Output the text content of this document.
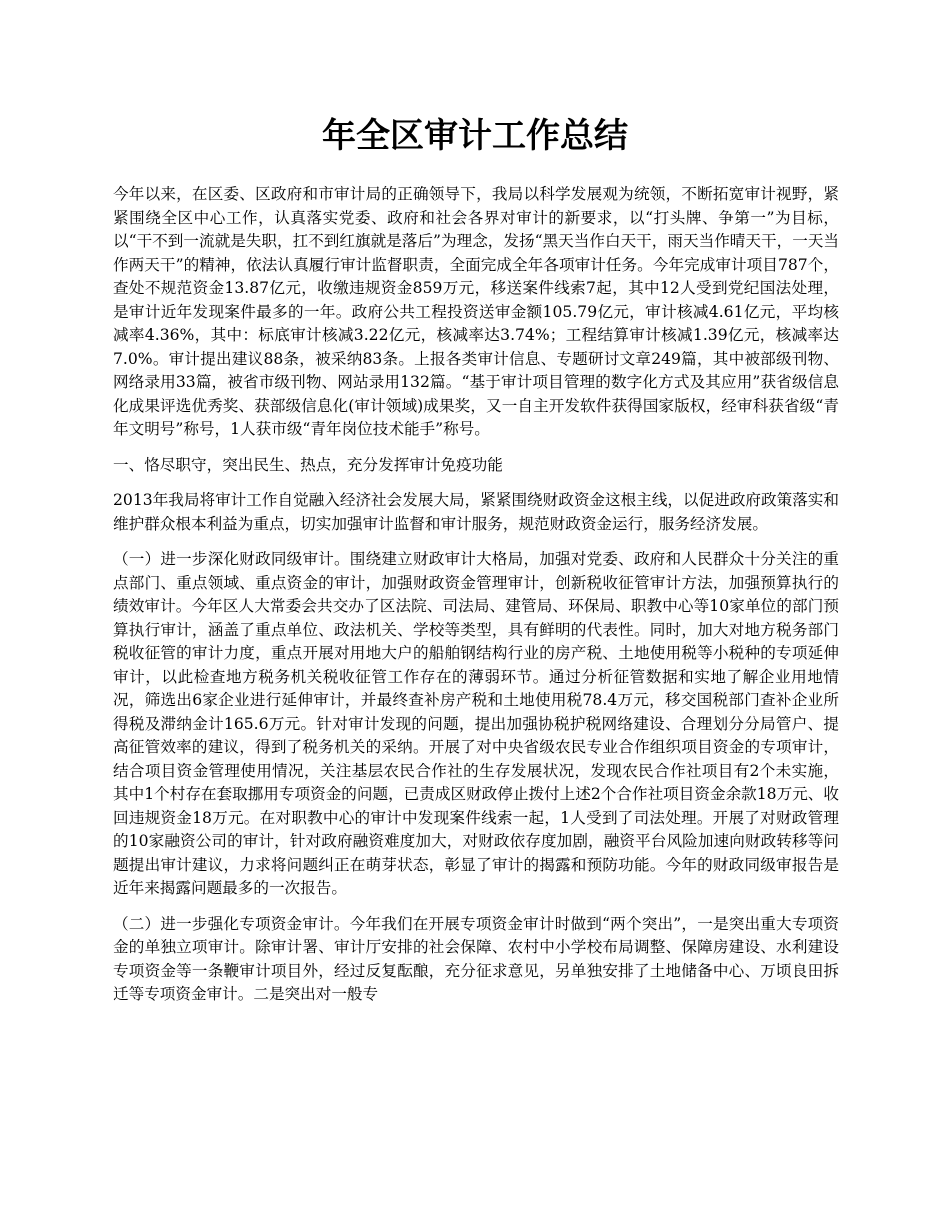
年全区审计工作总结

今年以来，在区委、区政府和市审计局的正确领导下，我局以科学发展观为统领，不断拓宽审计视野，紧紧围绕全区中心工作，认真落实党委、政府和社会各界对审计的新要求，以“打头牌、争第一”为目标，以“干不到一流就是失职，扛不到红旗就是落后”为理念，发扬“黑天当作白天干，雨天当作晴天干，一天当作两天干”的精神，依法认真履行审计监督职责，全面完成全年各项审计任务。今年完成审计项目787个，查处不规范资金13.87亿元，收缴违规资金859万元，移送案件线索7起，其中12人受到党纪国法处理，是审计近年发现案件最多的一年。政府公共工程投资送审金额105.79亿元，审计核减4.61亿元，平均核减率4.36%，其中：标底审计核减3.22亿元，核减率达3.74%；工程结算审计核减1.39亿元，核减率达7.0%。审计提出建议88条，被采纳83条。上报各类审计信息、专题研讨文章249篇，其中被部级刊物、网络录用33篇，被省市级刊物、网站录用132篇。“基于审计项目管理的数字化方式及其应用”获省级信息化成果评选优秀奖、获部级信息化(审计领域)成果奖，又一自主开发软件获得国家版权，经审科获省级“青年文明号”称号，1人获市级“青年岗位技术能手”称号。

一、恪尽职守，突出民生、热点，充分发挥审计免疫功能

2013年我局将审计工作自觉融入经济社会发展大局，紧紧围绕财政资金这根主线，以促进政府政策落实和维护群众根本利益为重点，切实加强审计监督和审计服务，规范财政资金运行，服务经济发展。

（一）进一步深化财政同级审计。围绕建立财政审计大格局，加强对党委、政府和人民群众十分关注的重点部门、重点领域、重点资金的审计，加强财政资金管理审计，创新税收征管审计方法，加强预算执行的绩效审计。今年区人大常委会共交办了区法院、司法局、建管局、环保局、职教中心等10家单位的部门预算执行审计，涵盖了重点单位、政法机关、学校等类型，具有鲜明的代表性。同时，加大对地方税务部门税收征管的审计力度，重点开展对用地大户的船舶钢结构行业的房产税、土地使用税等小税种的专项延伸审计，以此检查地方税务机关税收征管工作存在的薄弱环节。通过分析征管数据和实地了解企业用地情况，筛选出6家企业进行延伸审计，并最终查补房产税和土地使用税78.4万元，移交国税部门查补企业所得税及滞纳金计165.6万元。针对审计发现的问题，提出加强协税护税网络建设、合理划分分局管户、提高征管效率的建议，得到了税务机关的采纳。开展了对中央省级农民专业合作组织项目资金的专项审计，结合项目资金管理使用情况，关注基层农民合作社的生存发展状况，发现农民合作社项目有2个未实施，其中1个村存在套取挪用专项资金的问题，已责成区财政停止拨付上述2个合作社项目资金余款18万元、收回违规资金18万元。在对职教中心的审计中发现案件线索一起，1人受到了司法处理。开展了对财政管理的10家融资公司的审计，针对政府融资难度加大，对财政依存度加剧，融资平台风险加速向财政转移等问题提出审计建议，力求将问题纠正在萌芽状态，彰显了审计的揭露和预防功能。今年的财政同级审报告是近年来揭露问题最多的一次报告。

（二）进一步强化专项资金审计。今年我们在开展专项资金审计时做到“两个突出”，一是突出重大专项资金的单独立项审计。除审计署、审计厅安排的社会保障、农村中小学校布局调整、保障房建设、水利建设专项资金等一条鞭审计项目外，经过反复酝酿，充分征求意见，另单独安排了土地储备中心、万顷良田拆迁等专项资金审计。二是突出对一般专
